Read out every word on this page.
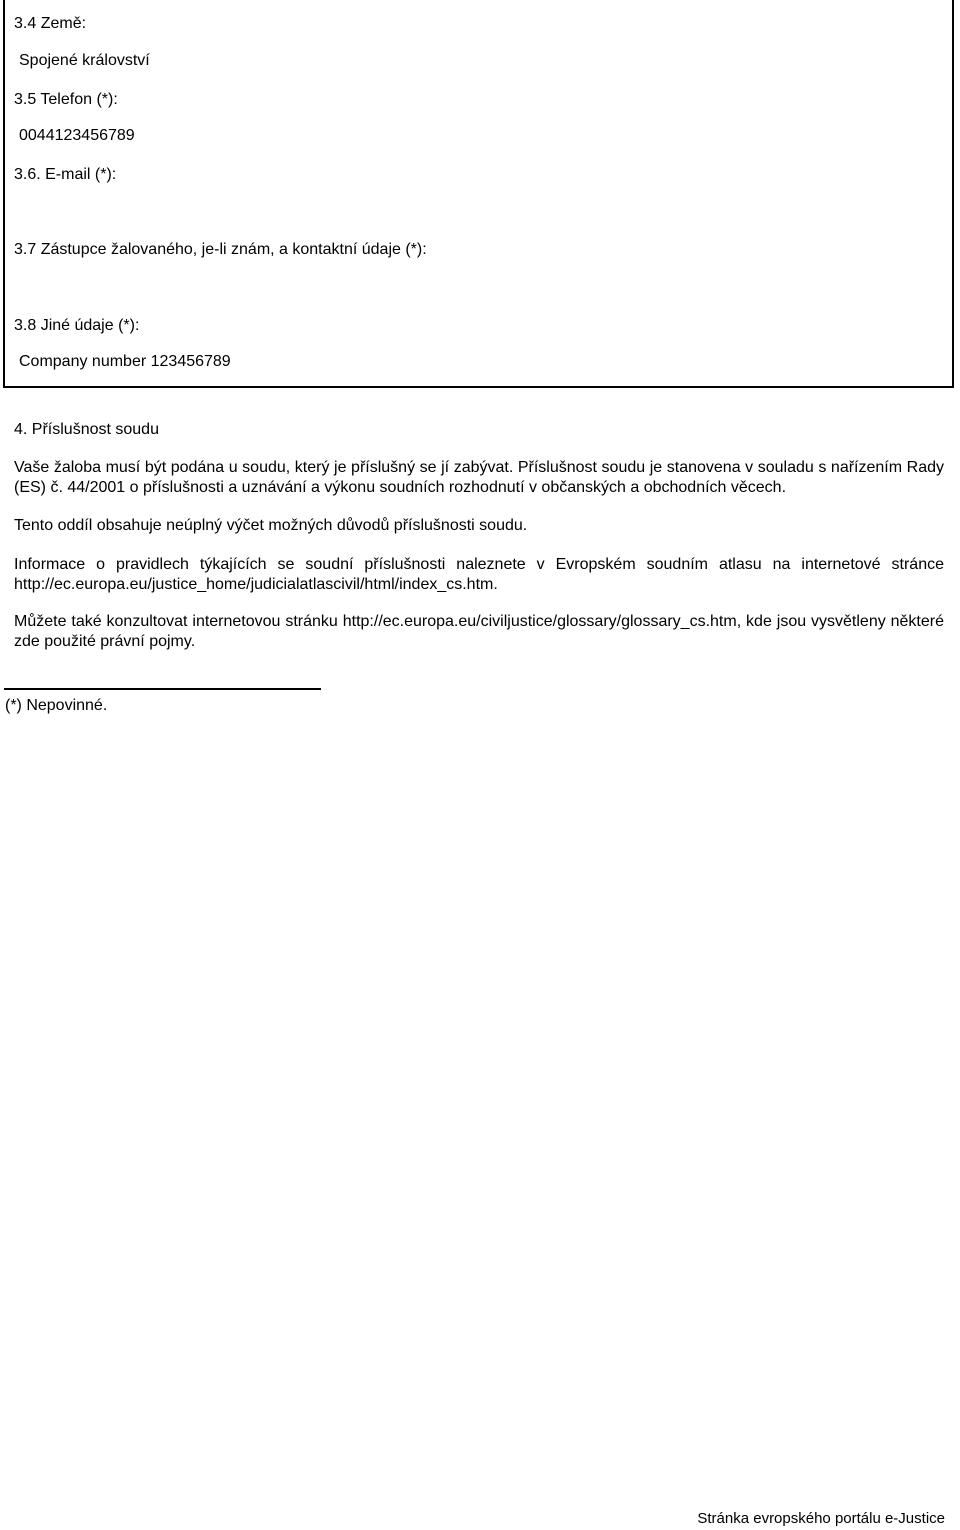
3.4 Země:
Spojené království
3.5 Telefon (*):
0044123456789
3.6. E-mail (*):
3.7 Zástupce žalovaného, je-li znám, a kontaktní údaje (*):
3.8 Jiné údaje (*):
Company number 123456789
4. Příslušnost soudu
Vaše žaloba musí být podána u soudu, který je příslušný se jí zabývat. Příslušnost soudu je stanovena v souladu s nařízením Rady (ES) č. 44/2001 o příslušnosti a uznávání a výkonu soudních rozhodnutí v občanských a obchodních věcech.
Tento oddíl obsahuje neúplný výčet možných důvodů příslušnosti soudu.
Informace o pravidlech týkajících se soudní příslušnosti naleznete v Evropském soudním atlasu na internetové stránce http://ec.europa.eu/justice_home/judicialatlascivil/html/index_cs.htm.
Můžete také konzultovat internetovou stránku http://ec.europa.eu/civiljustice/glossary/glossary_cs.htm, kde jsou vysvětleny některé zde použité právní pojmy.
(*) Nepovinné.
Stránka evropského portálu e-Justice
